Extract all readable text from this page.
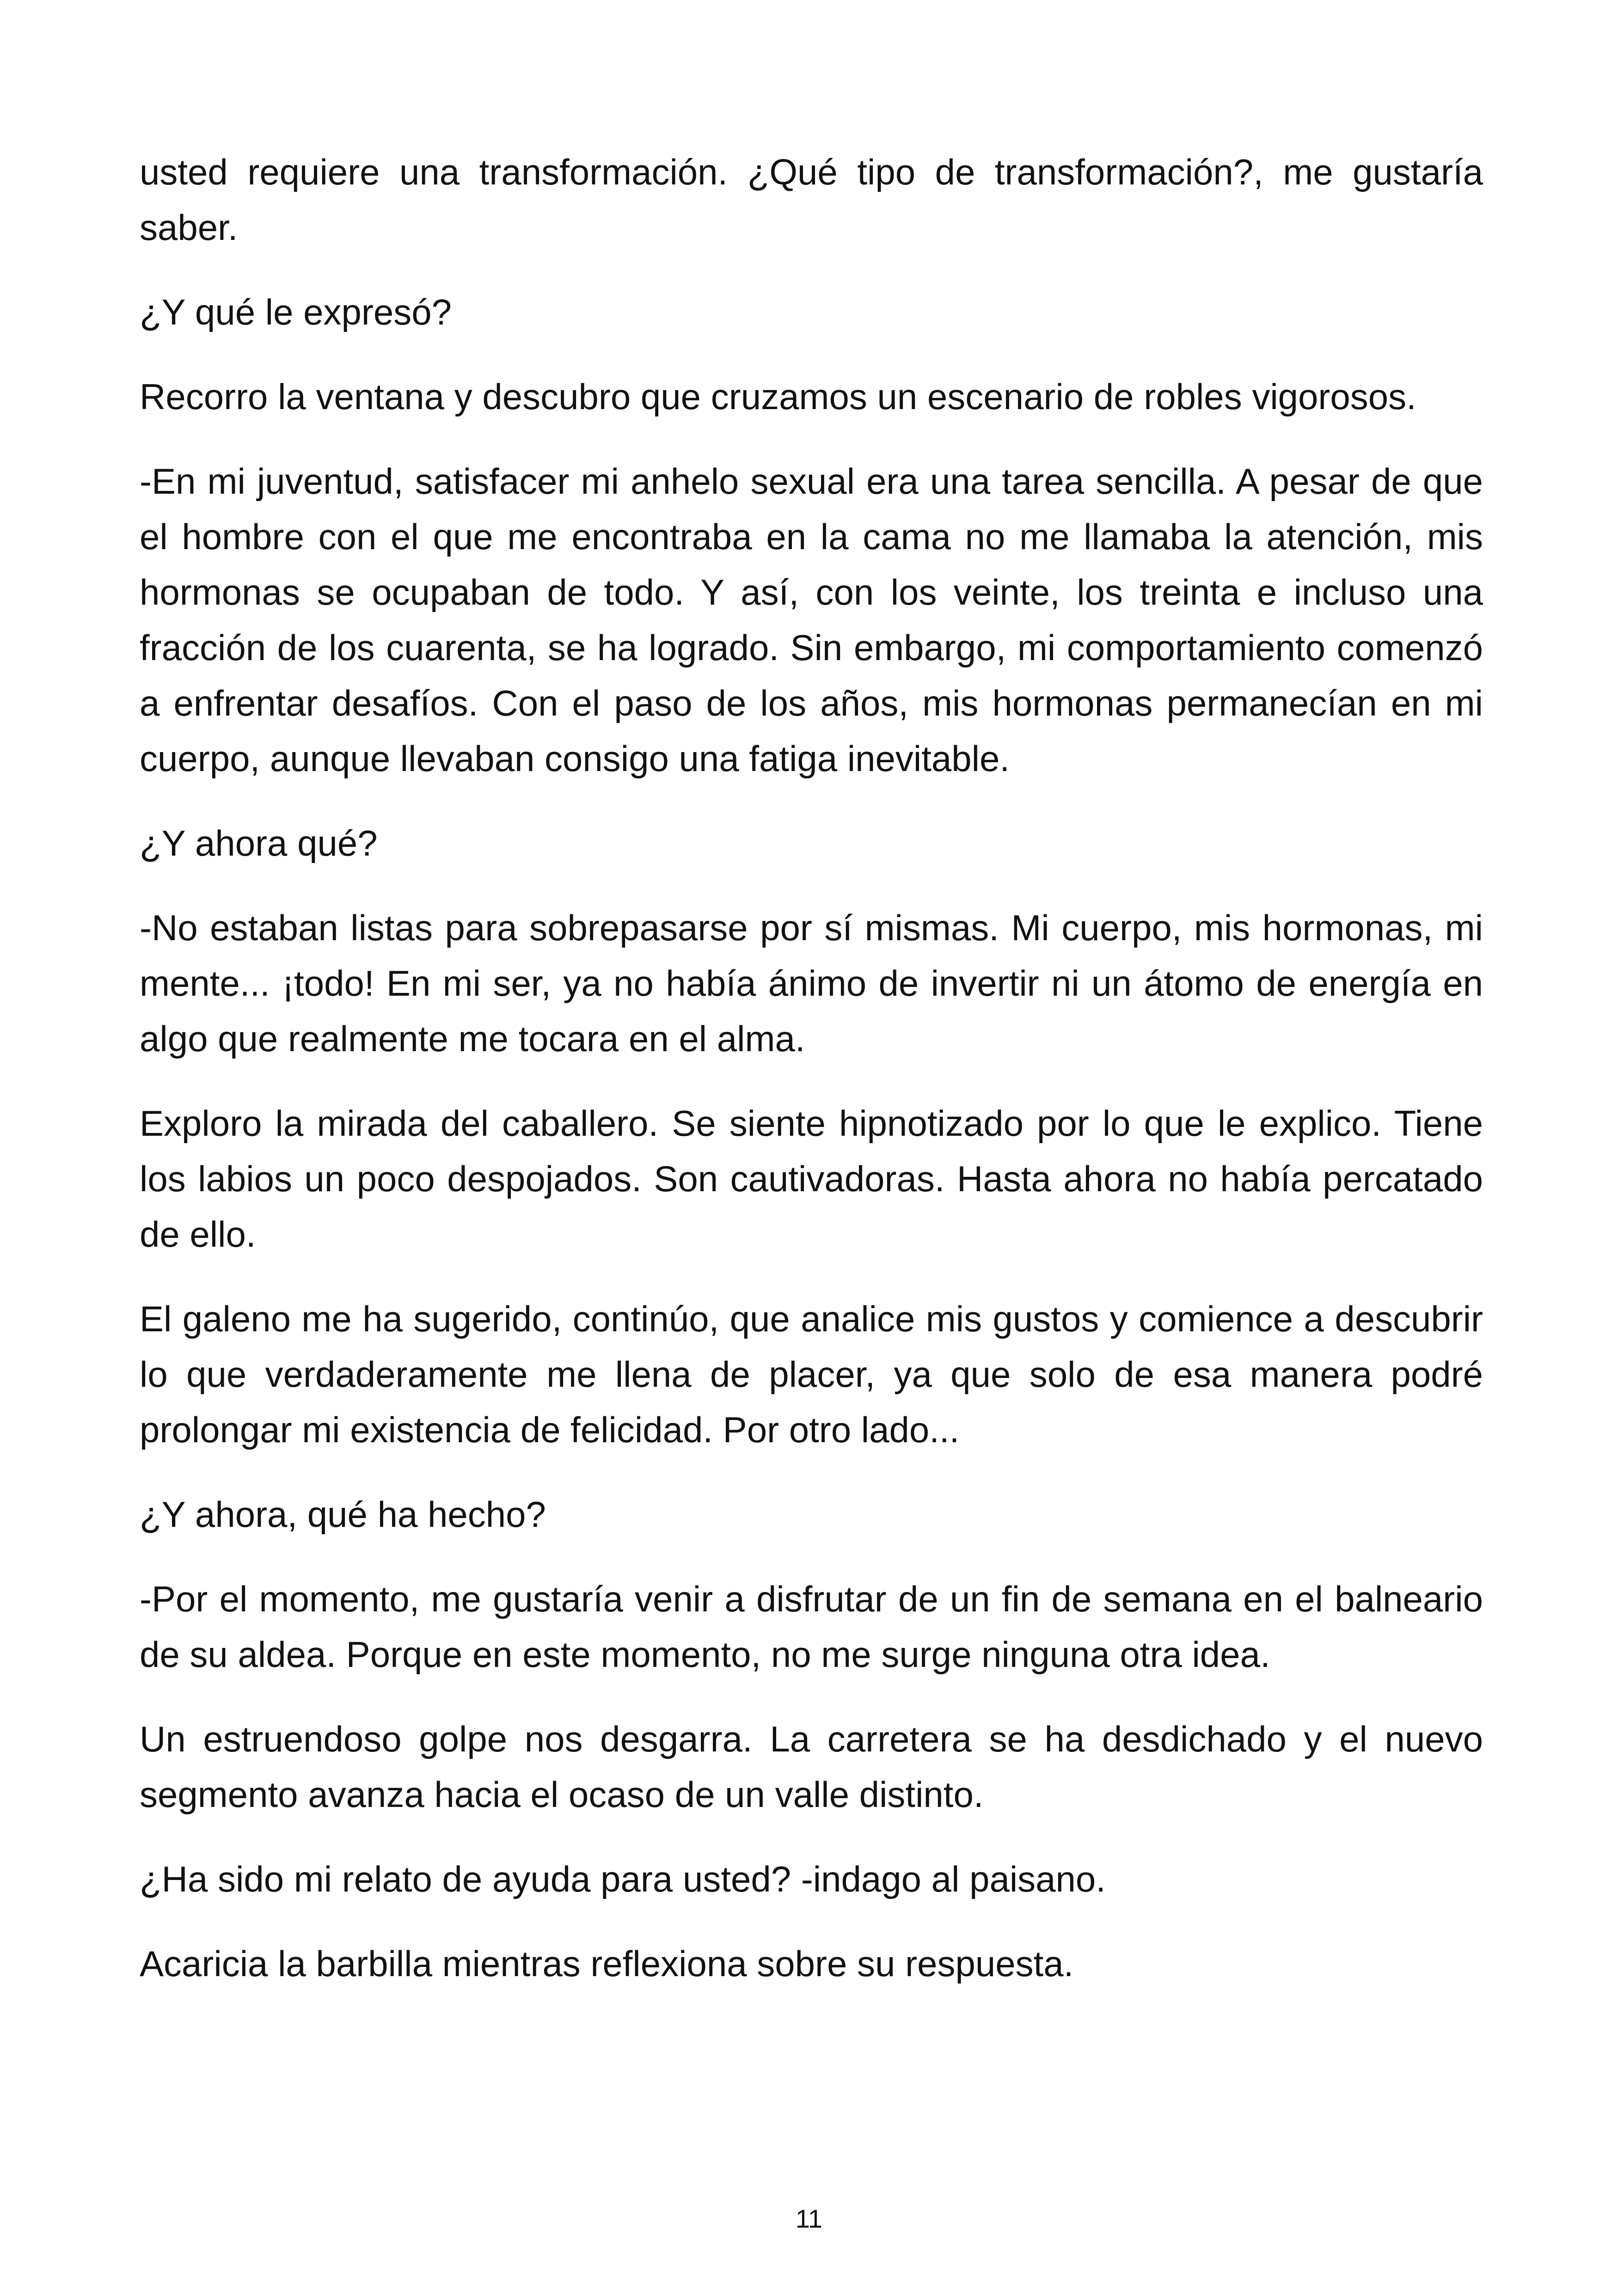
usted requiere una transformación. ¿Qué tipo de transformación?, me gustaría saber.

¿Y qué le expresó?

Recorro la ventana y descubro que cruzamos un escenario de robles vigorosos.

-En mi juventud, satisfacer mi anhelo sexual era una tarea sencilla. A pesar de que el hombre con el que me encontraba en la cama no me llamaba la atención, mis hormonas se ocupaban de todo. Y así, con los veinte, los treinta e incluso una fracción de los cuarenta, se ha logrado. Sin embargo, mi comportamiento comenzó a enfrentar desafíos. Con el paso de los años, mis hormonas permanecían en mi cuerpo, aunque llevaban consigo una fatiga inevitable.

¿Y ahora qué?

-No estaban listas para sobrepasarse por sí mismas. Mi cuerpo, mis hormonas, mi mente... ¡todo! En mi ser, ya no había ánimo de invertir ni un átomo de energía en algo que realmente me tocara en el alma.

Exploro la mirada del caballero. Se siente hipnotizado por lo que le explico. Tiene los labios un poco despojados. Son cautivadoras. Hasta ahora no había percatado de ello.

El galeno me ha sugerido, continúo, que analice mis gustos y comience a descubrir lo que verdaderamente me llena de placer, ya que solo de esa manera podré prolongar mi existencia de felicidad. Por otro lado...

¿Y ahora, qué ha hecho?

-Por el momento, me gustaría venir a disfrutar de un fin de semana en el balneario de su aldea. Porque en este momento, no me surge ninguna otra idea.

Un estruendoso golpe nos desgarra. La carretera se ha desdichado y el nuevo segmento avanza hacia el ocaso de un valle distinto.

¿Ha sido mi relato de ayuda para usted? -indago al paisano.

Acaricia la barbilla mientras reflexiona sobre su respuesta.

11
